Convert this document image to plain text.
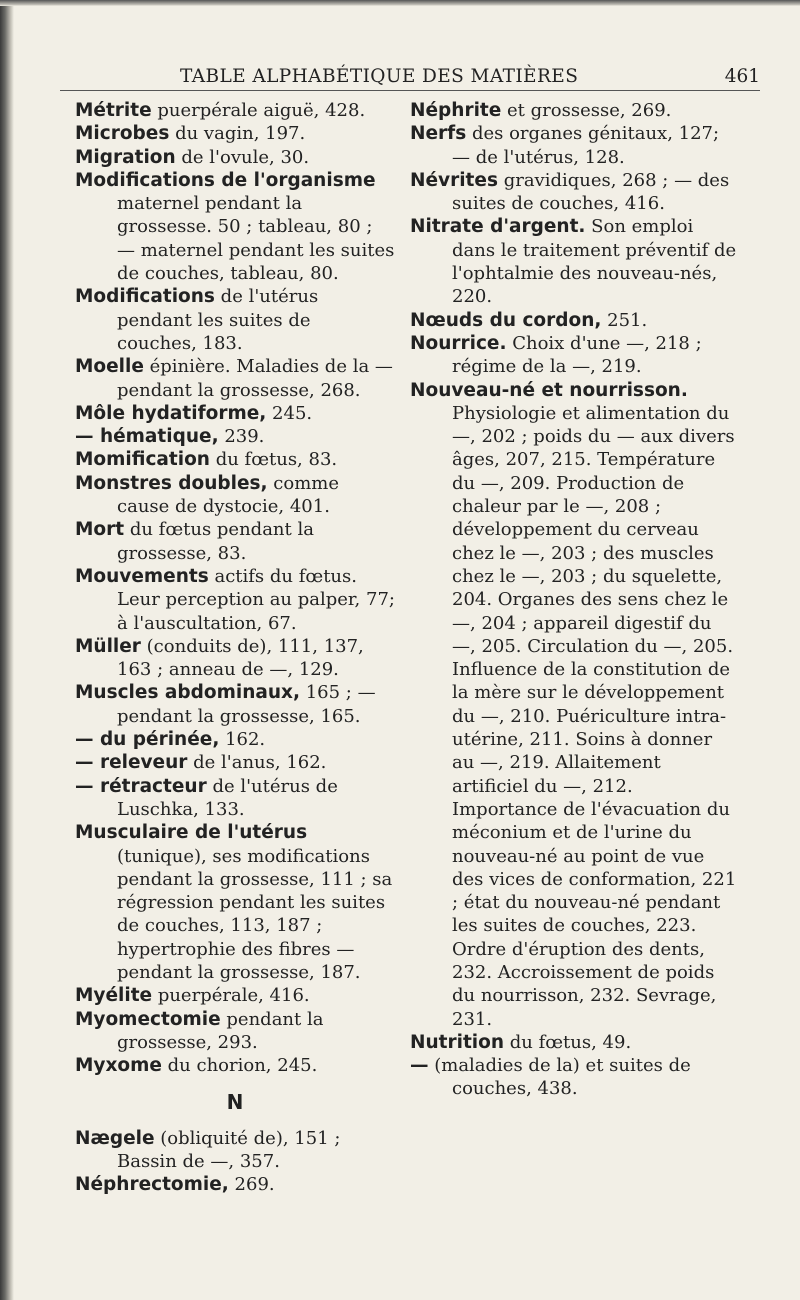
TABLE ALPHABÉTIQUE DES MATIÈRES	461

Métrite puerpérale aiguë, 428.

Microbes du vagin, 197.

Migration de l'ovule, 30.

Modifications de l'organisme maternel pendant la grossesse. 50 ; tableau, 80 ; — maternel pendant les suites de couches, tableau, 80.

Modifications de l'utérus pendant les suites de couches, 183.

Moelle épinière. Maladies de la — pendant la grossesse, 268.

Môle hydatiforme, 245.

— hématique, 239.

Momification du fœtus, 83.

Monstres doubles, comme cause de dystocie, 401.

Mort du fœtus pendant la grossesse, 83.

Mouvements actifs du fœtus. Leur perception au palper, 77; à l'auscultation, 67.

Müller (conduits de), 111, 137, 163 ; anneau de —, 129.

Muscles abdominaux, 165 ; — pendant la grossesse, 165.

— du périnée, 162.

— releveur de l'anus, 162.

— rétracteur de l'utérus de Luschka, 133.

Musculaire de l'utérus (tunique), ses modifications pendant la grossesse, 111 ; sa régression pendant les suites de couches, 113, 187 ; hypertrophie des fibres — pendant la grossesse, 187.

Myélite puerpérale, 416.

Myomectomie pendant la grossesse, 293.

Myxome du chorion, 245.

N

Nægele (obliquité de), 151 ; Bassin de —, 357.

Néphrectomie, 269.

Néphrite et grossesse, 269.

Nerfs des organes génitaux, 127; — de l'utérus, 128.

Névrites gravidiques, 268 ; — des suites de couches, 416.

Nitrate d'argent. Son emploi dans le traitement préventif de l'ophtalmie des nouveau-nés, 220.

Nœuds du cordon, 251.

Nourrice. Choix d'une —, 218 ; régime de la —, 219.

Nouveau-né et nourrisson. Physiologie et alimentation du —, 202 ; poids du — aux divers âges, 207, 215. Température du —, 209. Production de chaleur par le —, 208 ; développement du cerveau chez le —, 203 ; des muscles chez le —, 203 ; du squelette, 204. Organes des sens chez le —, 204 ; appareil digestif du —, 205. Circulation du —, 205. Influence de la constitution de la mère sur le développement du —, 210. Puériculture intra-utérine, 211. Soins à donner au —, 219. Allaitement artificiel du —, 212. Importance de l'évacuation du méconium et de l'urine du nouveau-né au point de vue des vices de conformation, 221 ; état du nouveau-né pendant les suites de couches, 223. Ordre d'éruption des dents, 232. Accroissement de poids du nourrisson, 232. Sevrage, 231.

Nutrition du fœtus, 49.

— (maladies de la) et suites de couches, 438.
